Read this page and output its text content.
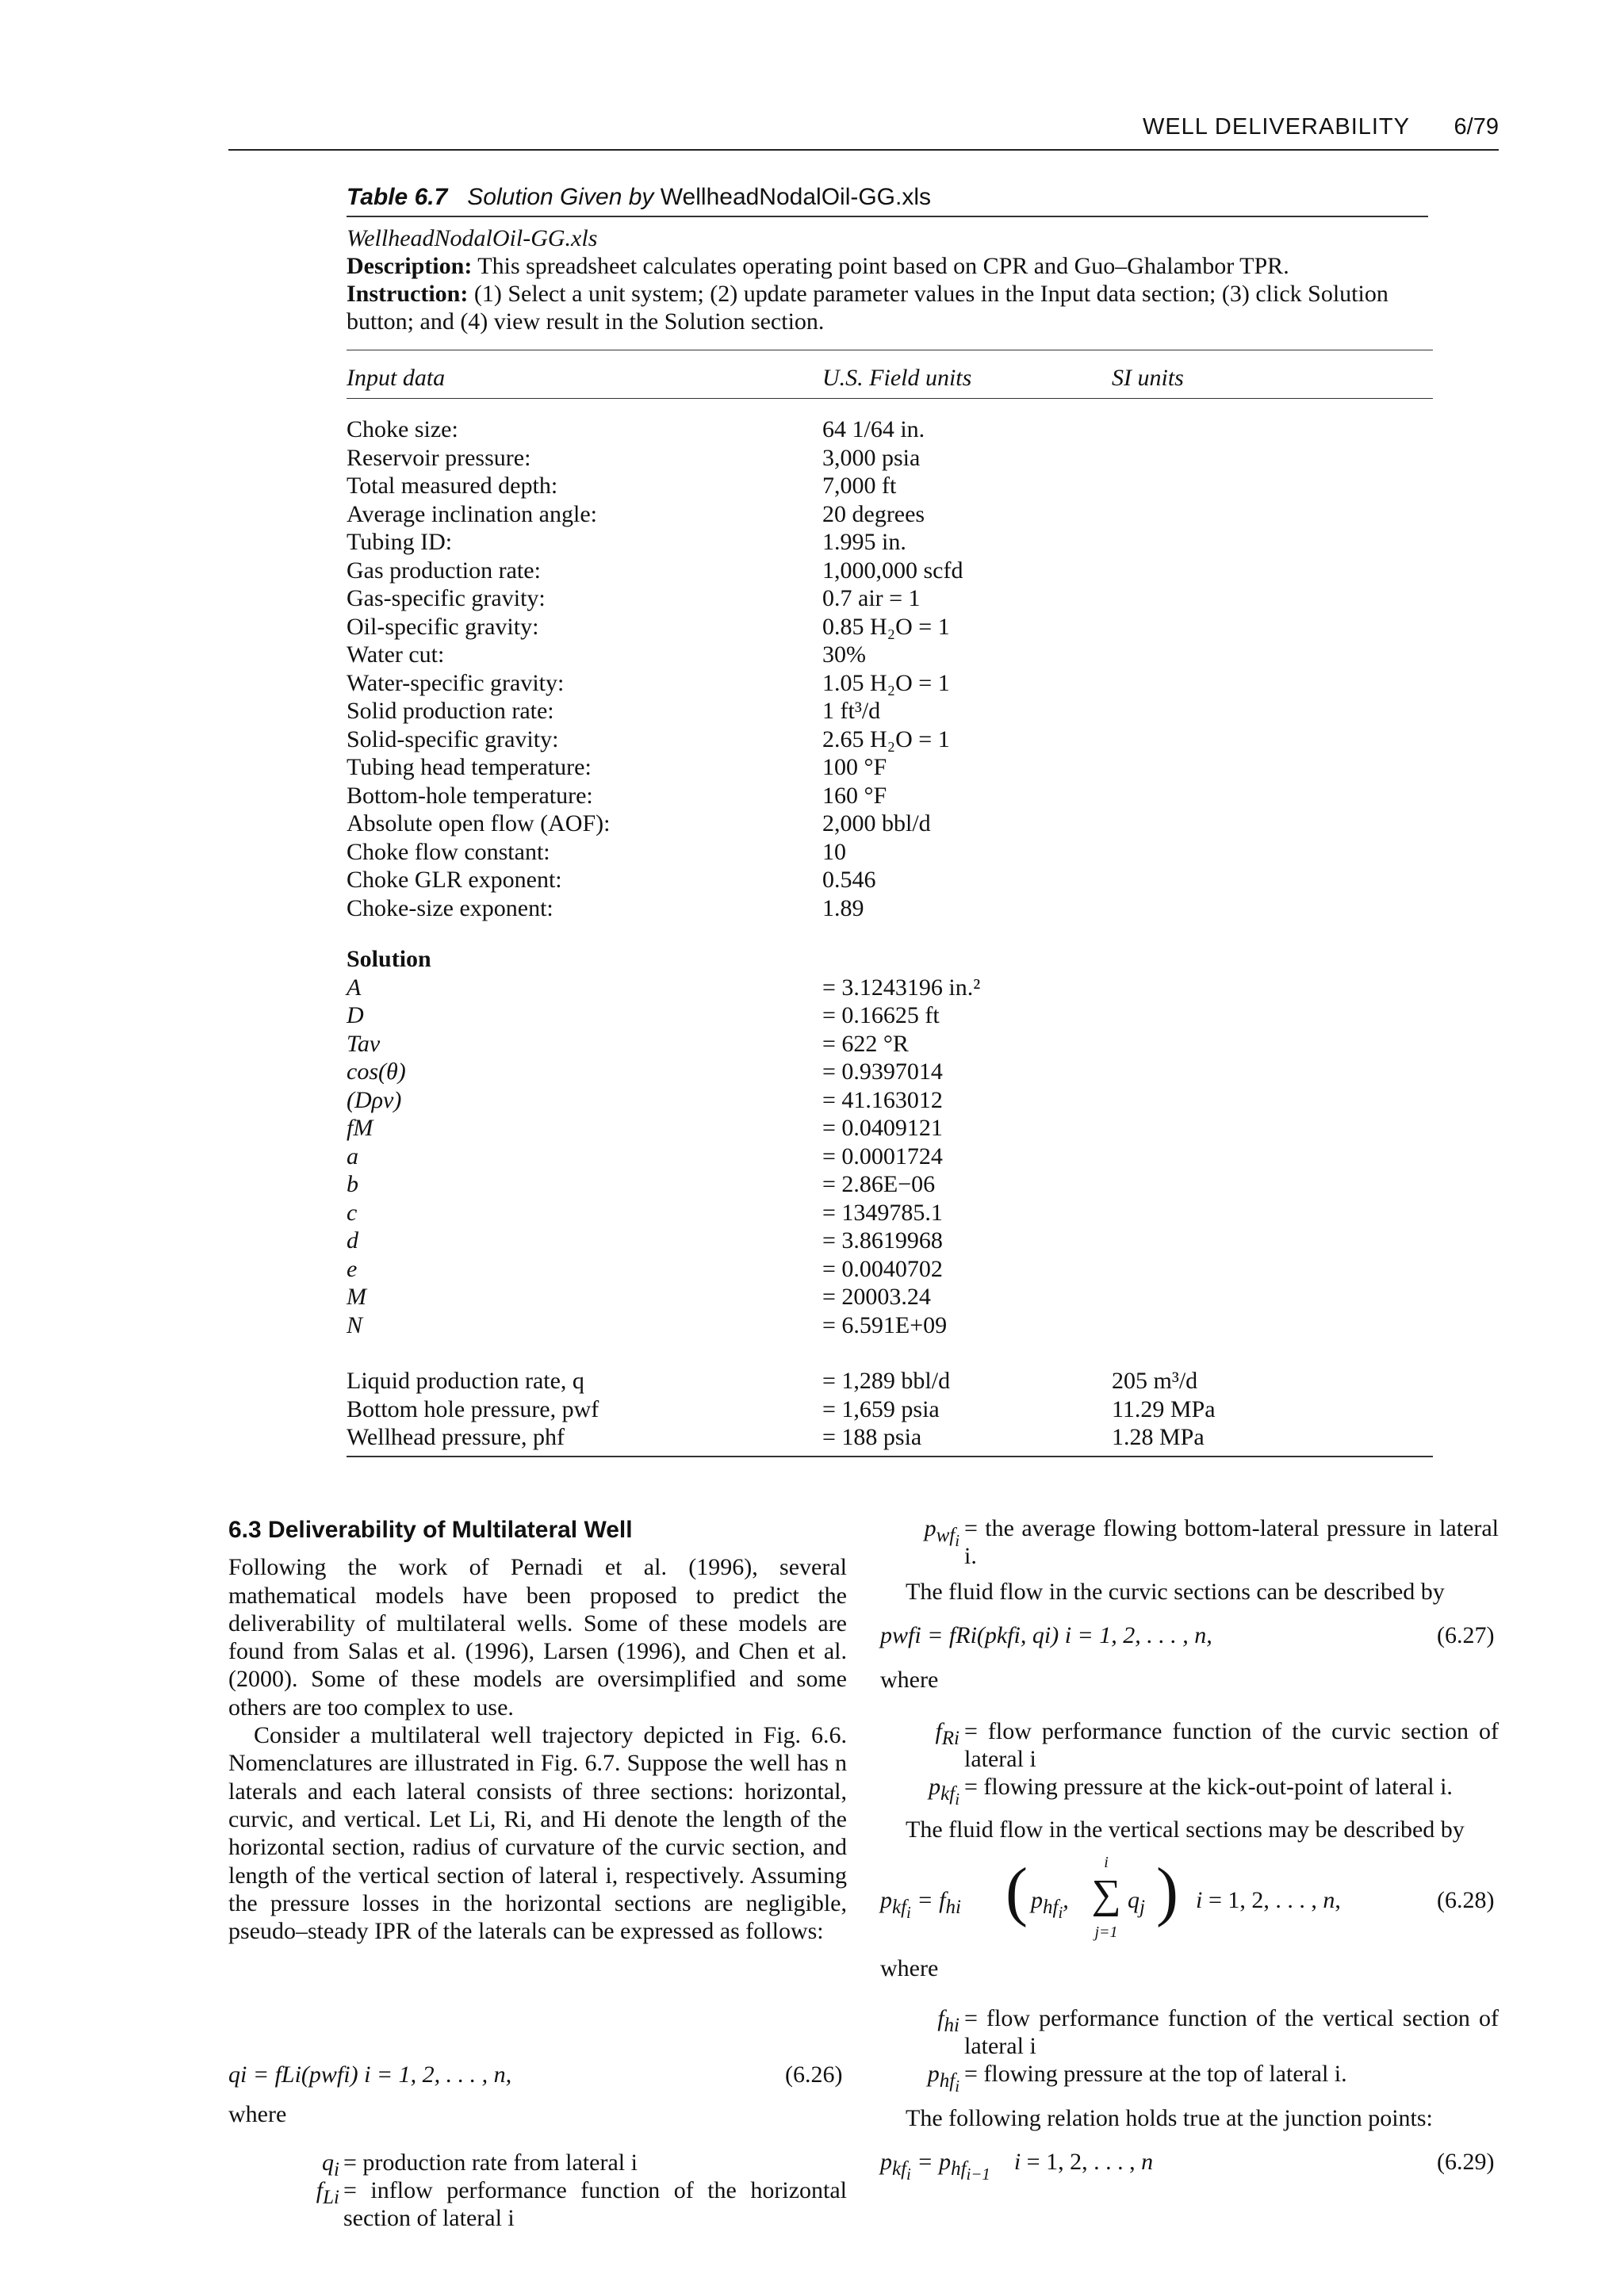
WELL DELIVERABILITY 6/79
Table 6.7 Solution Given by WellheadNodalOil-GG.xls
WellheadNodalOil-GG.xls
Description: This spreadsheet calculates operating point based on CPR and Guo–Ghalambor TPR.
Instruction: (1) Select a unit system; (2) update parameter values in the Input data section; (3) click Solution button; and (4) view result in the Solution section.
Input data	U.S. Field units	SI units
Choke size:	64 1/64 in.
Reservoir pressure:	3,000 psia
Total measured depth:	7,000 ft
Average inclination angle:	20 degrees
Tubing ID:	1.995 in.
Gas production rate:	1,000,000 scfd
Gas-specific gravity:	0.7 air = 1
Oil-specific gravity:	0.85 H₂O = 1
Water cut:	30%
Water-specific gravity:	1.05 H₂O = 1
Solid production rate:	1 ft³/d
Solid-specific gravity:	2.65 H₂O = 1
Tubing head temperature:	100 °F
Bottom-hole temperature:	160 °F
Absolute open flow (AOF):	2,000 bbl/d
Choke flow constant:	10
Choke GLR exponent:	0.546
Choke-size exponent:	1.89
Solution
A	= 3.1243196 in.²
D	= 0.16625 ft
Tav	= 622 °R
cos(θ)	= 0.9397014
(Dρv)	= 41.163012
fM	= 0.0409121
a	= 0.0001724
b	= 2.86E−06
c	= 1349785.1
d	= 3.8619968
e	= 0.0040702
M	= 20003.24
N	= 6.591E+09
Liquid production rate, q	= 1,289 bbl/d	205 m³/d
Bottom hole pressure, pwf	= 1,659 psia	11.29 MPa
Wellhead pressure, phf	= 188 psia	1.28 MPa
6.3 Deliverability of Multilateral Well

Following the work of Pernadi et al. (1996), several mathematical models have been proposed to predict the deliverability of multilateral wells. Some of these models are found from Salas et al. (1996), Larsen (1996), and Chen et al. (2000). Some of these models are oversimplified and some others are too complex to use.

Consider a multilateral well trajectory depicted in Fig. 6.6. Nomenclatures are illustrated in Fig. 6.7. Suppose the well has n laterals and each lateral consists of three sections: horizontal, curvic, and vertical. Let Li, Ri, and Hi denote the length of the horizontal section, radius of curvature of the curvic section, and length of the vertical section of lateral i, respectively. Assuming the pressure losses in the horizontal sections are negligible, pseudo–steady IPR of the laterals can be expressed as follows:

qi = fLi(pwfi) i = 1, 2, . . . , n,	(6.26)
where
$q_i$ = production rate from lateral i
$f_{Li}$ = inflow performance function of the horizontal section of lateral i
$p_{wf_i}$ = the average flowing bottom-lateral pressure in lateral i.
The fluid flow in the curvic sections can be described by
pwfi = fRi(pkfi, qi) i = 1, 2, . . . , n,	(6.27)
where
$f_{Ri}$ = flow performance function of the curvic section of lateral i
$p_{kf_i}$ = flowing pressure at the kick-out-point of lateral i.
The fluid flow in the vertical sections may be described by
$p_{kf_i} = f_{hi}$ ( $p_{hf_i}$,
i
∑
j=1
$q_j$ ) i = 1, 2, . . . , n,	(6.28)
where
$f_{hi}$ = flow performance function of the vertical section of lateral i
$p_{hf_i}$ = flowing pressure at the top of lateral i.
The following relation holds true at the junction points:
$p_{kf_i} = p_{hf_{i-1}}$    i = 1, 2, . . . , n	(6.29)
